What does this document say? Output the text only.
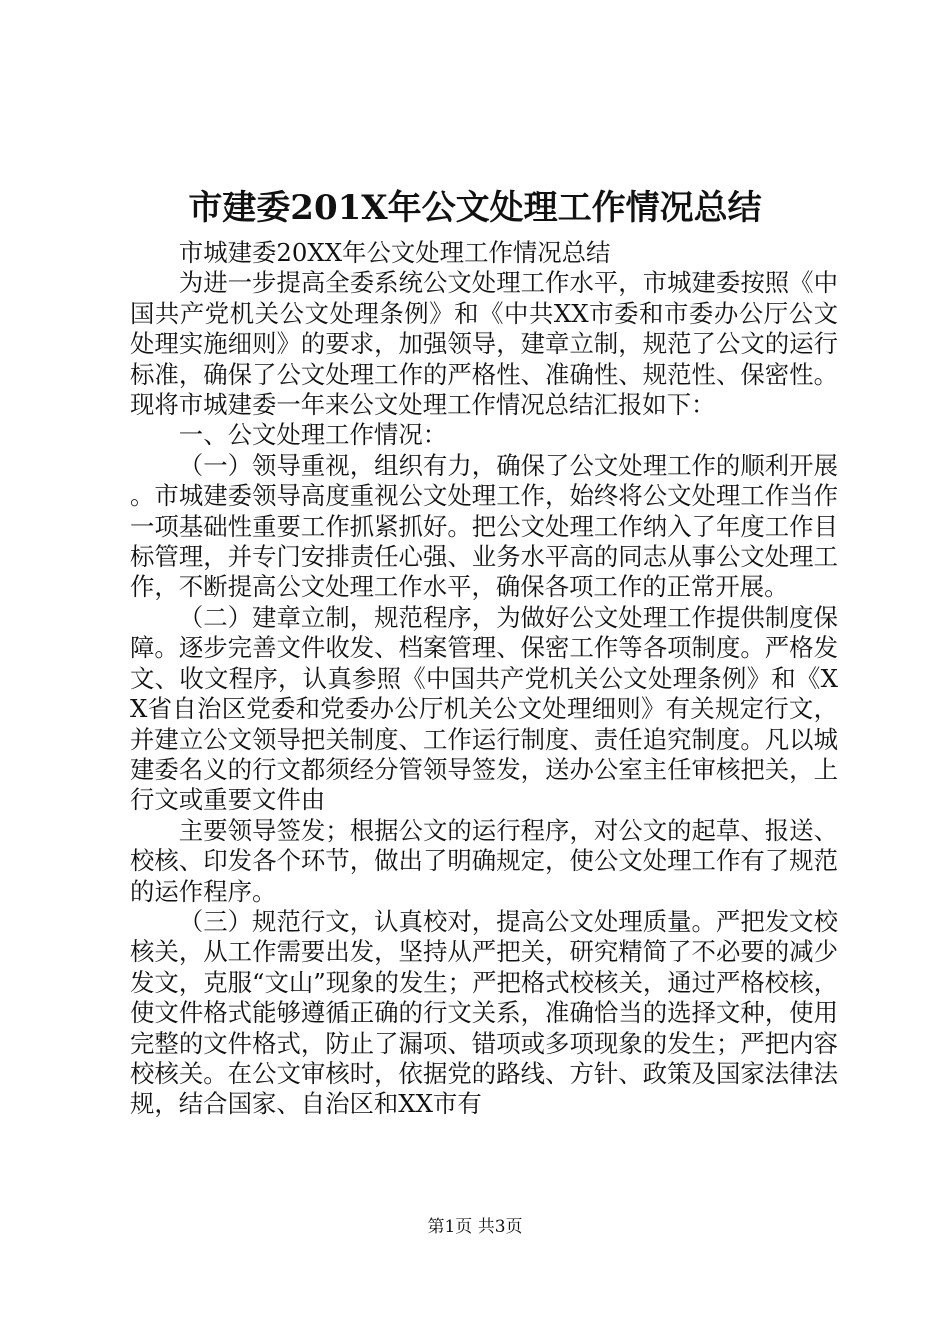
市建委201X年公文处理工作情况总结

市城建委20XX年公文处理工作情况总结

为进一步提高全委系统公文处理工作水平，市城建委按照《中国共产党机关公文处理条例》和《中共XX市委和市委办公厅公文处理实施细则》的要求，加强领导，建章立制，规范了公文的运行标准，确保了公文处理工作的严格性、准确性、规范性、保密性。现将市城建委一年来公文处理工作情况总结汇报如下：

一、公文处理工作情况：

（一）领导重视，组织有力，确保了公文处理工作的顺利开展。市城建委领导高度重视公文处理工作，始终将公文处理工作当作一项基础性重要工作抓紧抓好。把公文处理工作纳入了年度工作目标管理，并专门安排责任心强、业务水平高的同志从事公文处理工作，不断提高公文处理工作水平，确保各项工作的正常开展。

（二）建章立制，规范程序，为做好公文处理工作提供制度保障。逐步完善文件收发、档案管理、保密工作等各项制度。严格发文、收文程序，认真参照《中国共产党机关公文处理条例》和《XX省自治区党委和党委办公厅机关公文处理细则》有关规定行文，并建立公文领导把关制度、工作运行制度、责任追究制度。凡以城建委名义的行文都须经分管领导签发，送办公室主任审核把关，上行文或重要文件由

主要领导签发；根据公文的运行程序，对公文的起草、报送、校核、印发各个环节，做出了明确规定，使公文处理工作有了规范的运作程序。

（三）规范行文，认真校对，提高公文处理质量。严把发文校核关，从工作需要出发，坚持从严把关，研究精简了不必要的减少发文，克服“文山”现象的发生；严把格式校核关，通过严格校核，使文件格式能够遵循正确的行文关系，准确恰当的选择文种，使用完整的文件格式，防止了漏项、错项或多项现象的发生；严把内容校核关。在公文审核时，依据党的路线、方针、政策及国家法律法规，结合国家、自治区和XX市有

第1页 共3页
